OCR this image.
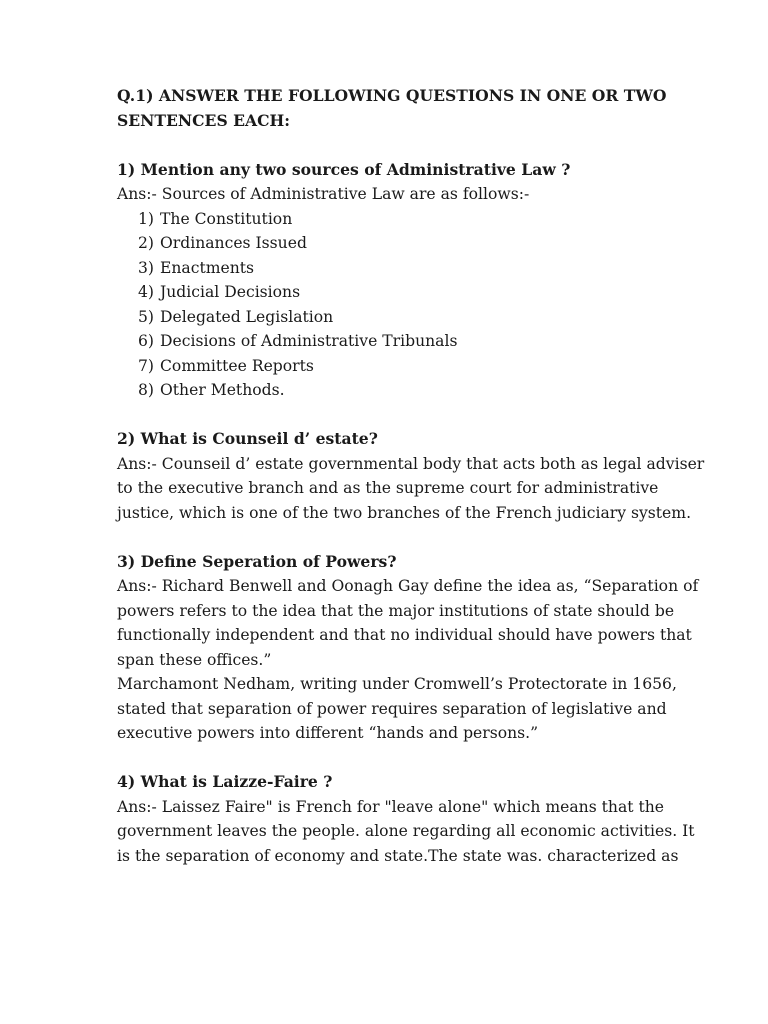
Q.1) ANSWER THE FOLLOWING QUESTIONS IN ONE OR TWO SENTENCES EACH:

1) Mention any two sources of Administrative Law ?

Ans:- Sources of Administrative Law are as follows:-

1) The Constitution
2) Ordinances Issued
3) Enactments
4) Judicial Decisions
5) Delegated Legislation
6) Decisions of Administrative Tribunals
7) Committee Reports
8) Other Methods.

2) What is Counseil d’ estate?

Ans:- Counseil d’ estate governmental body that acts both as legal adviser to the executive branch and as the supreme court for administrative justice, which is one of the two branches of the French judiciary system.

3) Define Seperation of Powers?

Ans:- Richard Benwell and Oonagh Gay define the idea as, “Separation of powers refers to the idea that the major institutions of state should be functionally independent and that no individual should have powers that span these offices.”

Marchamont Nedham, writing under Cromwell’s Protectorate in 1656, stated that separation of power requires separation of legislative and executive powers into different “hands and persons.”

4) What is Laizze-Faire ?

Ans:- Laissez Faire" is French for "leave alone" which means that the government leaves the people. alone regarding all economic activities. It is the separation of economy and state.The state was. characterized as
